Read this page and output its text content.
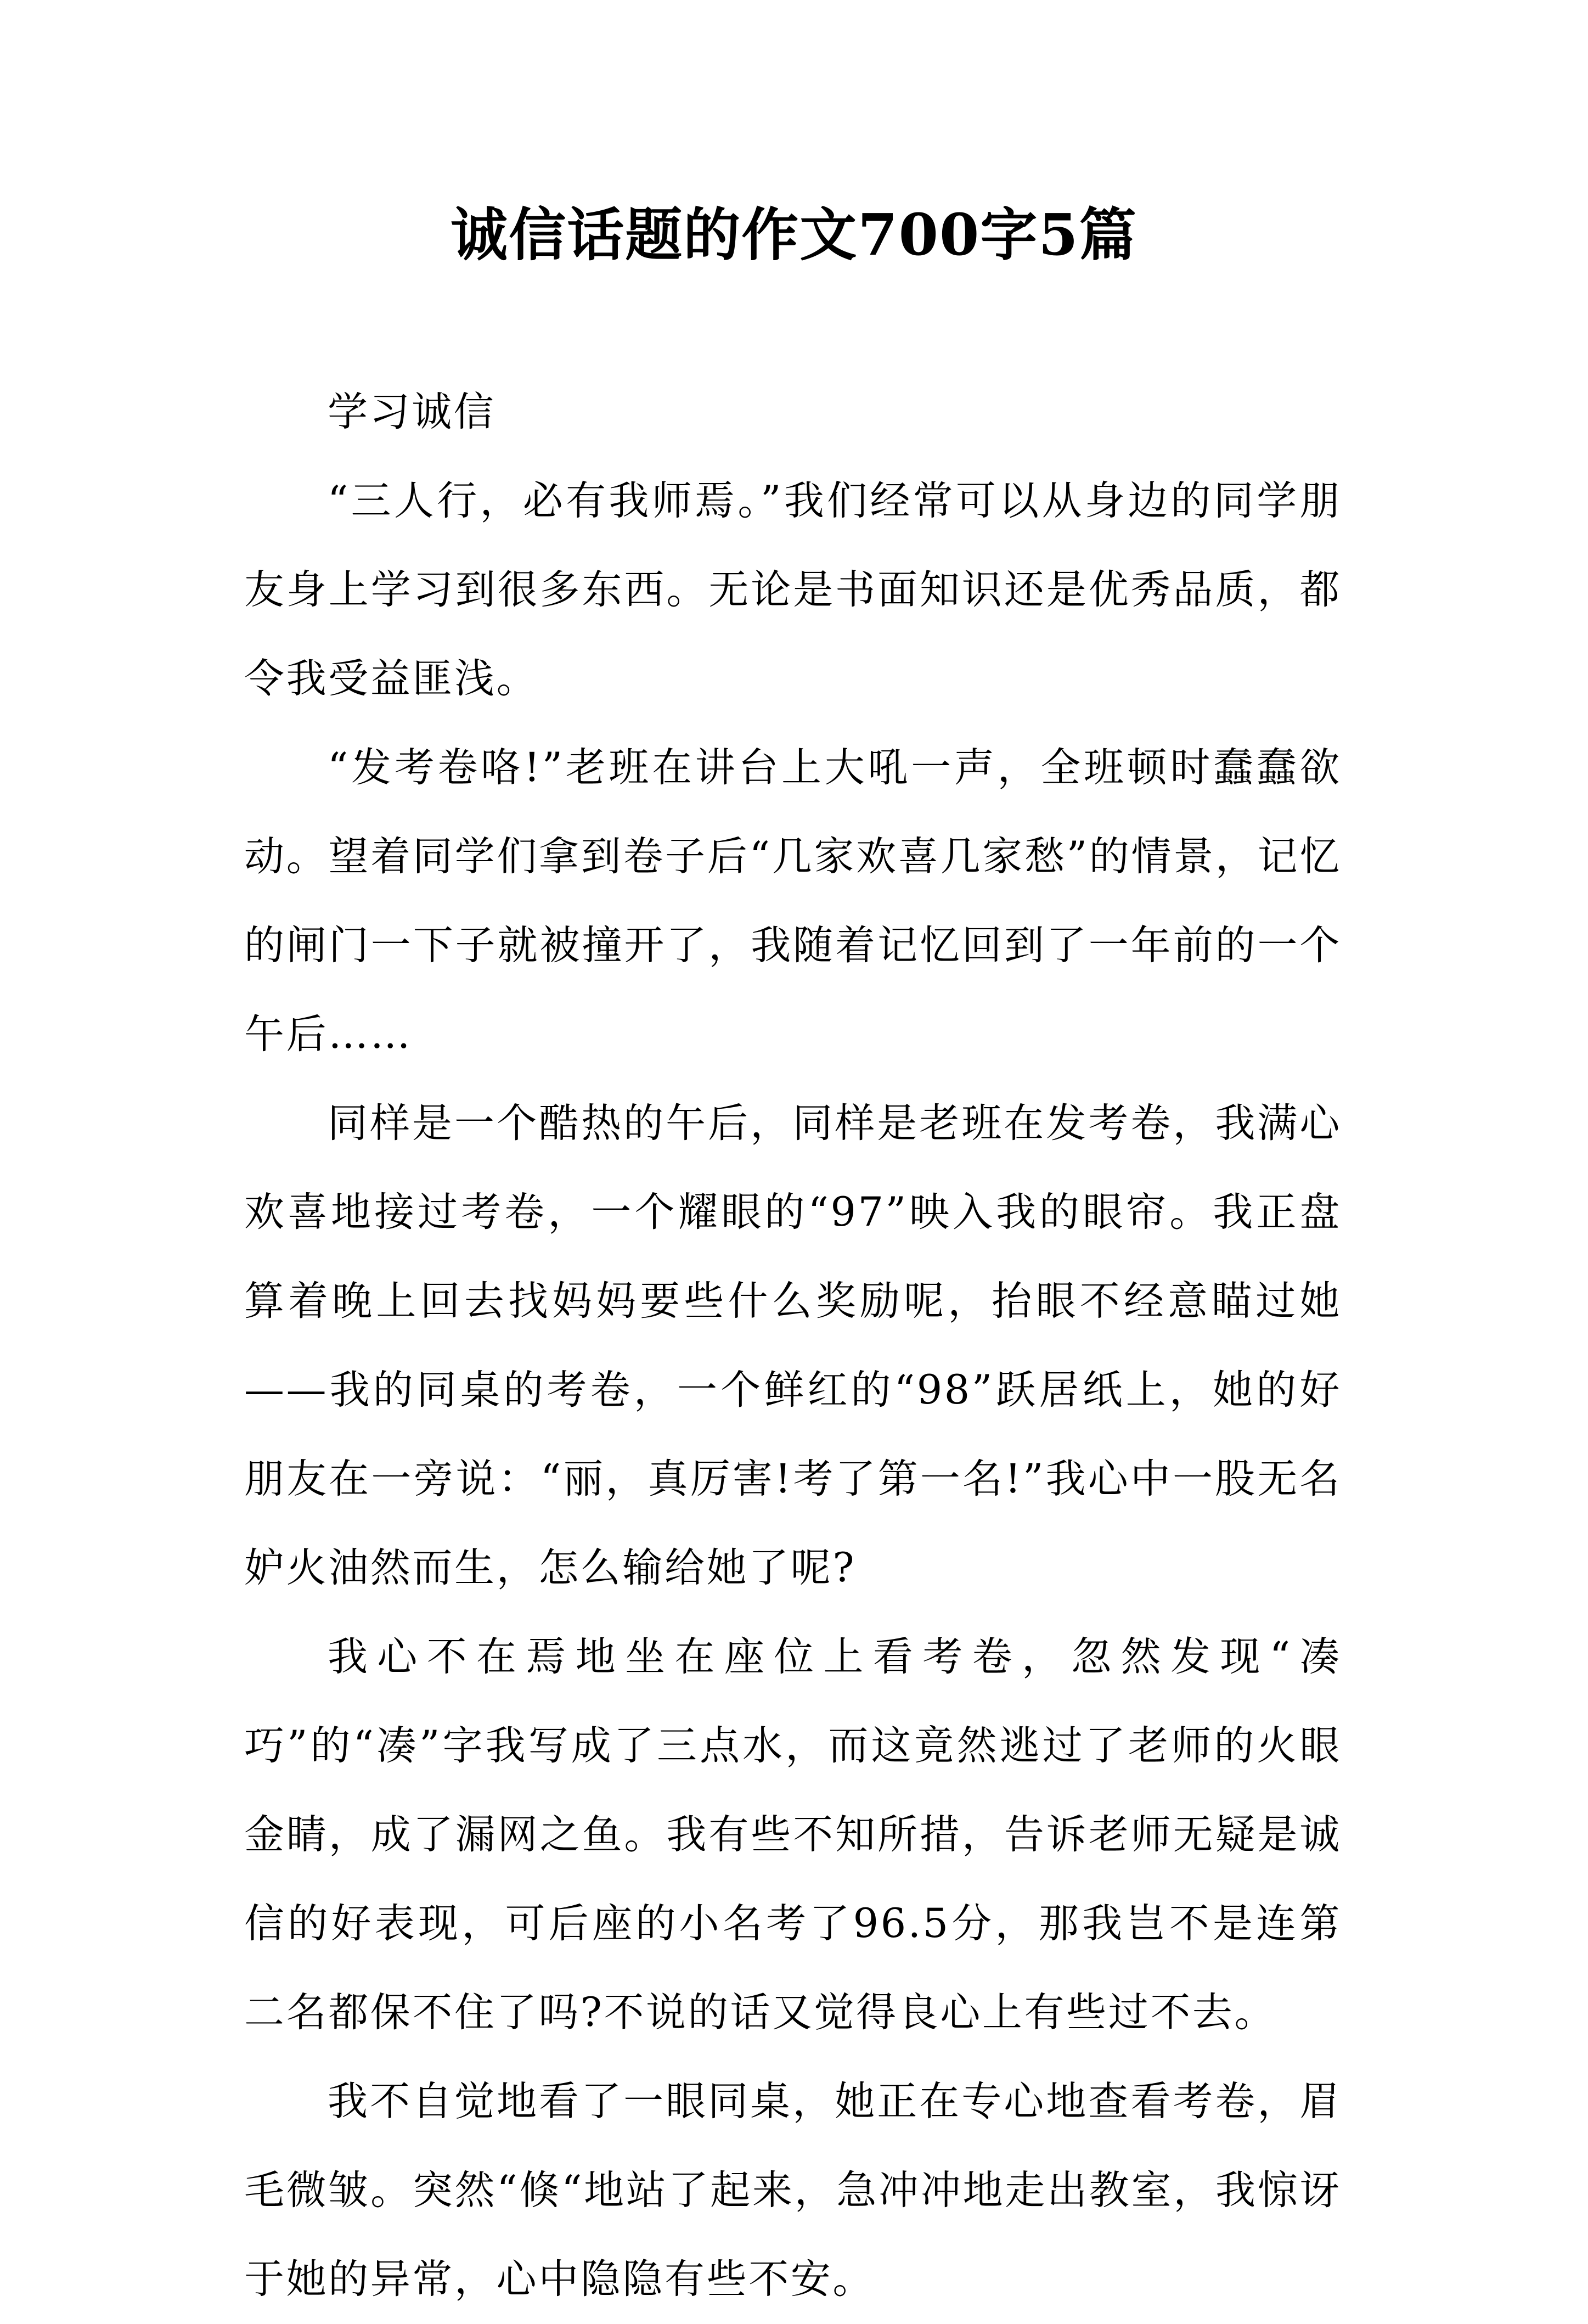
诚信话题的作文700字5篇

学习诚信

“三人行，必有我师焉。”我们经常可以从身边的同学朋友身上学习到很多东西。无论是书面知识还是优秀品质，都令我受益匪浅。

“发考卷咯!”老班在讲台上大吼一声，全班顿时蠢蠢欲动。望着同学们拿到卷子后“几家欢喜几家愁”的情景，记忆的闸门一下子就被撞开了，我随着记忆回到了一年前的一个午后……

同样是一个酷热的午后，同样是老班在发考卷，我满心欢喜地接过考卷，一个耀眼的“97”映入我的眼帘。我正盘算着晚上回去找妈妈要些什么奖励呢，抬眼不经意瞄过她——我的同桌的考卷，一个鲜红的“98”跃居纸上，她的好朋友在一旁说：“丽，真厉害!考了第一名!”我心中一股无名妒火油然而生，怎么输给她了呢?

我心不在焉地坐在座位上看考卷，忽然发现“凑巧”的“凑”字我写成了三点水，而这竟然逃过了老师的火眼金睛，成了漏网之鱼。我有些不知所措，告诉老师无疑是诚信的好表现，可后座的小名考了96.5分，那我岂不是连第二名都保不住了吗?不说的话又觉得良心上有些过不去。

我不自觉地看了一眼同桌，她正在专心地查看考卷，眉毛微皱。突然“倏“地站了起来，急冲冲地走出教室，我惊讶于她的异常，心中隐隐有些不安。
